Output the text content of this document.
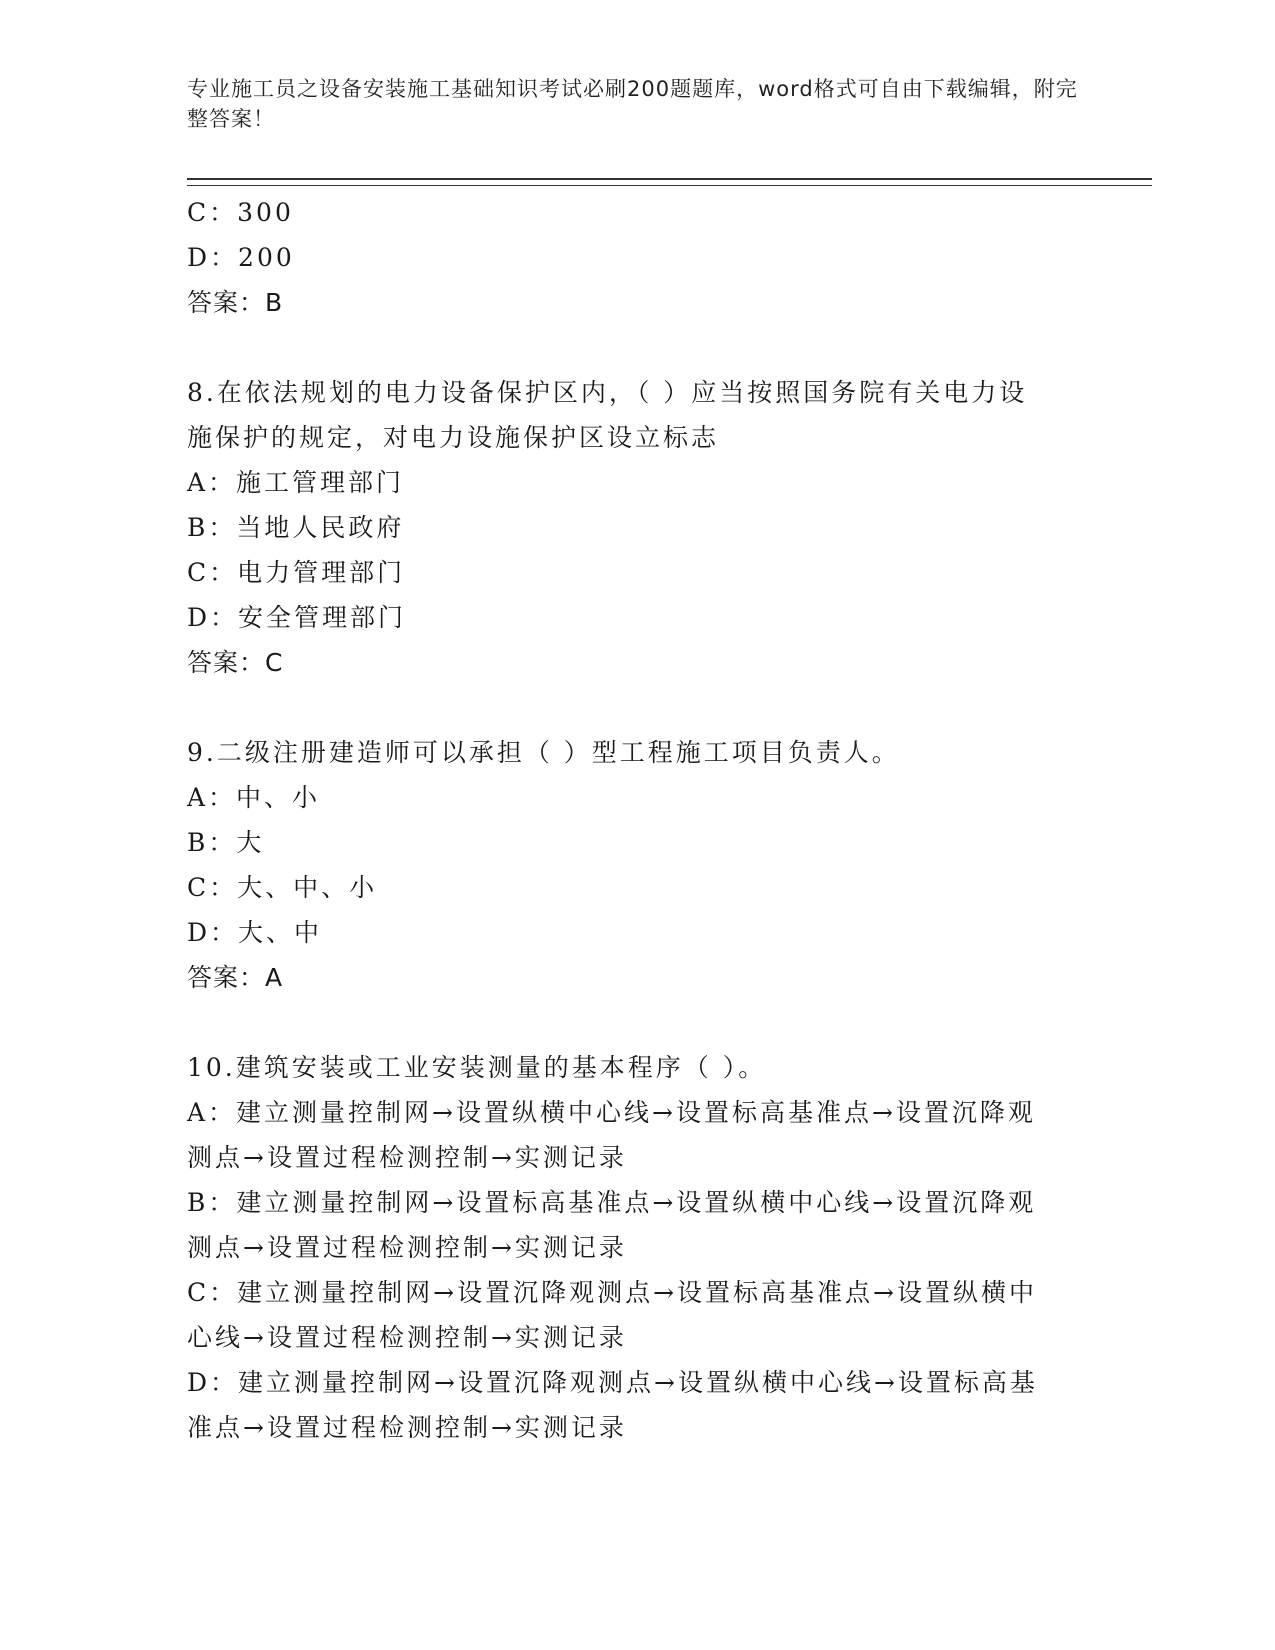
专业施工员之设备安装施工基础知识考试必刷200题题库，word格式可自由下载编辑，附完整答案！
C：300
D：200
答案：B
8.在依法规划的电力设备保护区内，（ ）应当按照国务院有关电力设
施保护的规定，对电力设施保护区设立标志
A：施工管理部门
B：当地人民政府
C：电力管理部门
D：安全管理部门
答案：C
9.二级注册建造师可以承担（ ）型工程施工项目负责人。
A：中、小
B：大
C：大、中、小
D：大、中
答案：A
10.建筑安装或工业安装测量的基本程序（ ）。
A：建立测量控制网→设置纵横中心线→设置标高基准点→设置沉降观
测点→设置过程检测控制→实测记录
B：建立测量控制网→设置标高基准点→设置纵横中心线→设置沉降观
测点→设置过程检测控制→实测记录
C：建立测量控制网→设置沉降观测点→设置标高基准点→设置纵横中
心线→设置过程检测控制→实测记录
D：建立测量控制网→设置沉降观测点→设置纵横中心线→设置标高基
准点→设置过程检测控制→实测记录
